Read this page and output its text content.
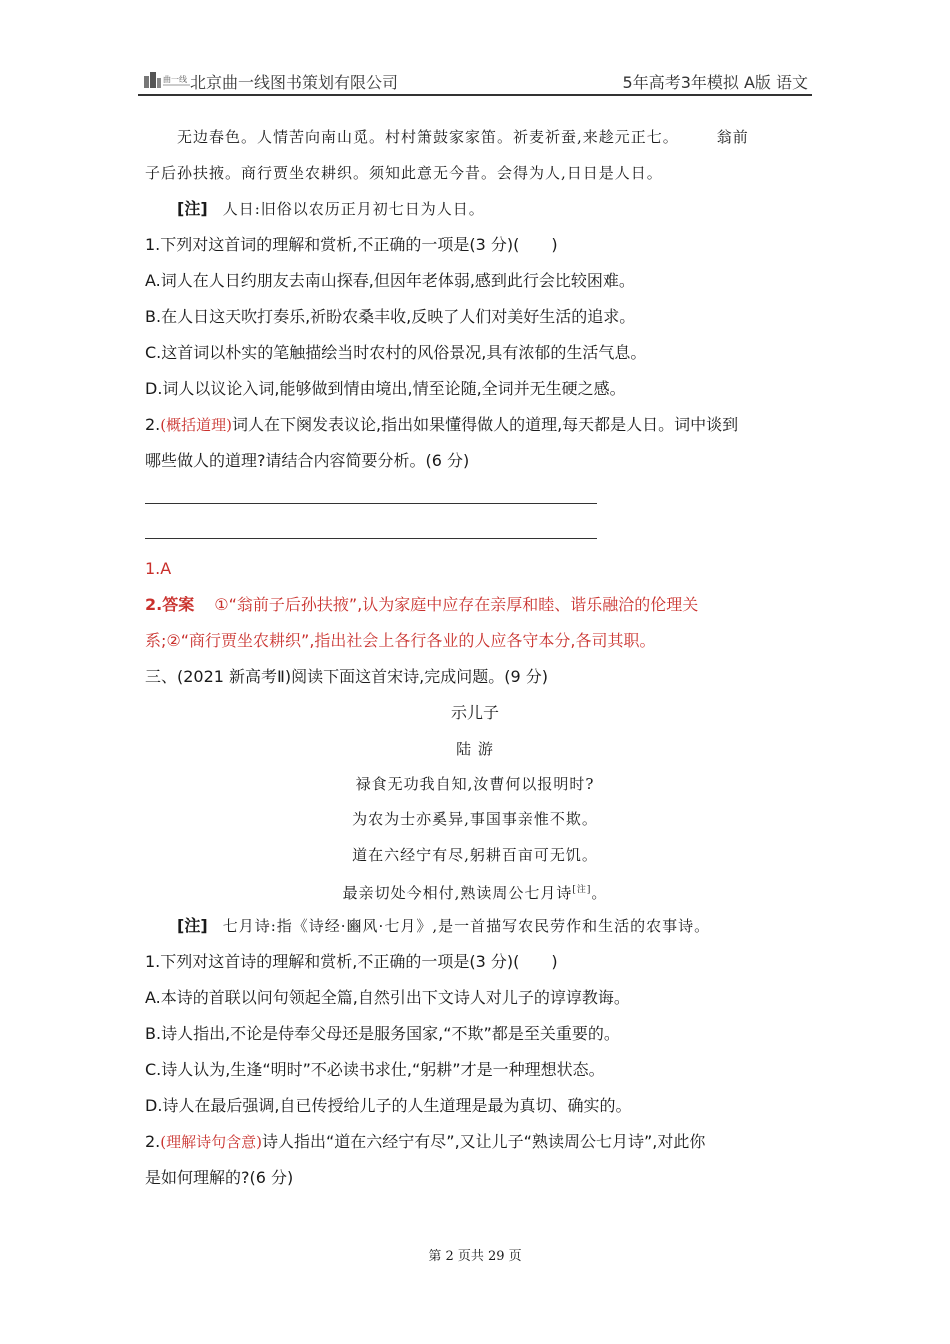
曲一线 北京曲一线图书策划有限公司	5年高考3年模拟 A版 语文
无边春色。人情苦向南山觅。村村箫鼓家家笛。祈麦祈蚕,来趁元正七。	翁前
子后孙扶掖。商行贾坐农耕织。须知此意无今昔。会得为人,日日是人日。
[注] 人日:旧俗以农历正月初七日为人日。
1.下列对这首词的理解和赏析,不正确的一项是(3 分)(　　)
A.词人在人日约朋友去南山探春,但因年老体弱,感到此行会比较困难。
B.在人日这天吹打奏乐,祈盼农桑丰收,反映了人们对美好生活的追求。
C.这首词以朴实的笔触描绘当时农村的风俗景况,具有浓郁的生活气息。
D.词人以议论入词,能够做到情由境出,情至论随,全词并无生硬之感。
2.(概括道理)词人在下阕发表议论,指出如果懂得做人的道理,每天都是人日。词中谈到
哪些做人的道理?请结合内容简要分析。(6 分)
1.A
2.答案 ①“翁前子后孙扶掖”,认为家庭中应存在亲厚和睦、谐乐融洽的伦理关
系;②“商行贾坐农耕织”,指出社会上各行各业的人应各守本分,各司其职。
三、(2021 新高考Ⅱ)阅读下面这首宋诗,完成问题。(9 分)
示儿子
陆 游
禄食无功我自知,汝曹何以报明时?
为农为士亦奚异,事国事亲惟不欺。
道在六经宁有尽,躬耕百亩可无饥。
最亲切处今相付,熟读周公七月诗[注]。
[注] 七月诗:指《诗经·豳风·七月》,是一首描写农民劳作和生活的农事诗。
1.下列对这首诗的理解和赏析,不正确的一项是(3 分)(　　)
A.本诗的首联以问句领起全篇,自然引出下文诗人对儿子的谆谆教诲。
B.诗人指出,不论是侍奉父母还是服务国家,“不欺”都是至关重要的。
C.诗人认为,生逢“明时”不必读书求仕,“躬耕”才是一种理想状态。
D.诗人在最后强调,自已传授给儿子的人生道理是最为真切、确实的。
2.(理解诗句含意)诗人指出“道在六经宁有尽”,又让儿子“熟读周公七月诗”,对此你
是如何理解的?(6 分)
第 2 页共 29 页
